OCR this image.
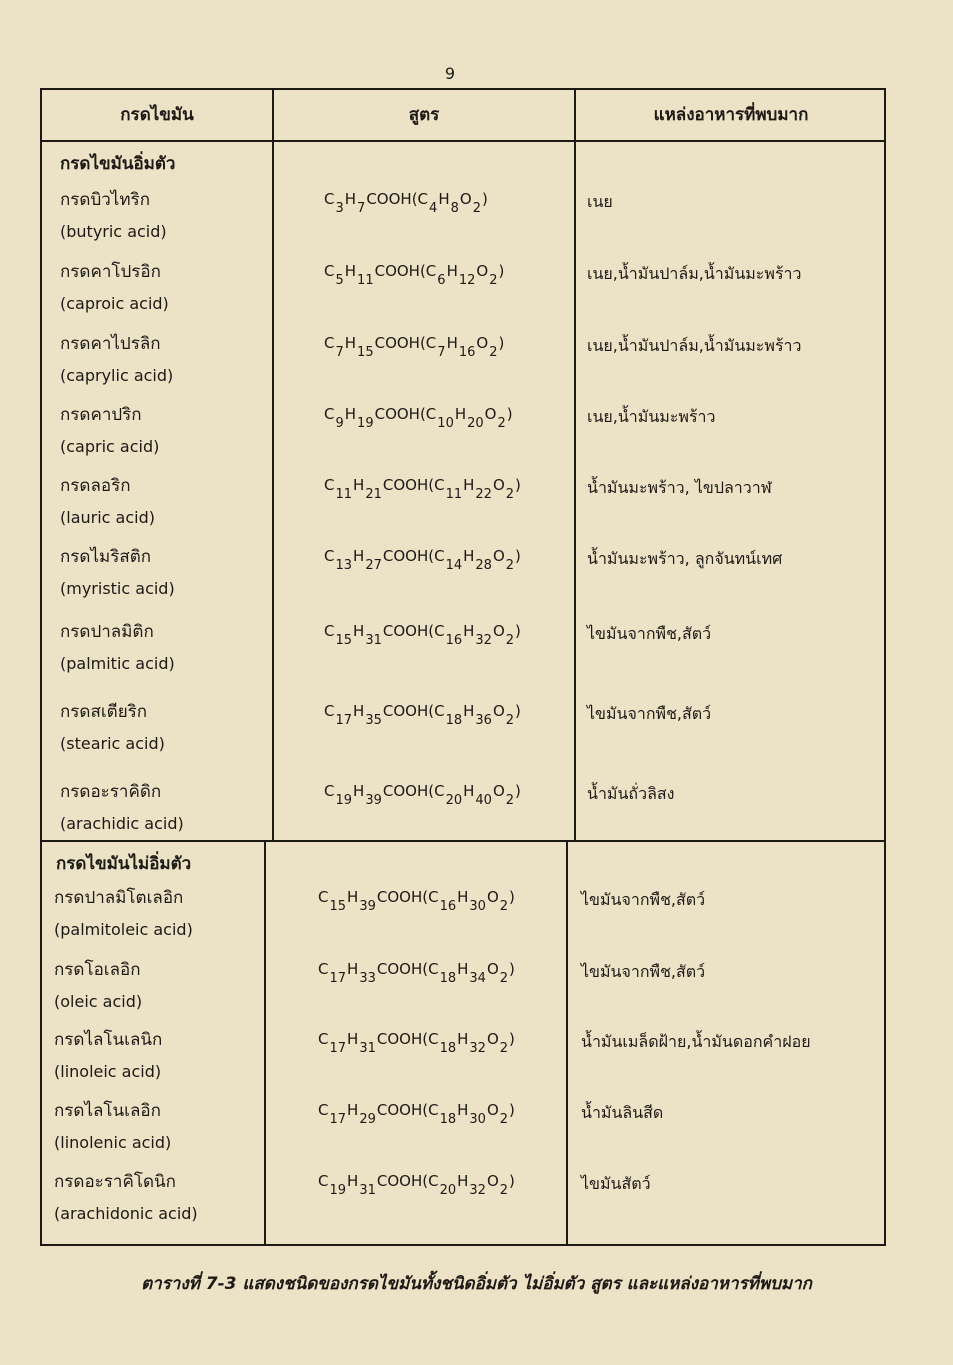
9
กรดไขมัน	สูตร	แหล่งอาหารที่พบมาก
กรดไขมันอิ่มตัว
กรดบิวไทริก
(butyric acid)
$C_3H_7COOH(C_4H_8O_2)$	เนย
กรดคาโปรอิก
(caproic acid)
$C_5H_{11}COOH(C_6H_{12}O_2)$	เนย,น้ำมันปาล์ม,น้ำมันมะพร้าว
กรดคาไปรลิก
(caprylic acid)
$C_7H_{15}COOH(C_7H_{16}O_2)$	เนย,น้ำมันปาล์ม,น้ำมันมะพร้าว
กรดคาปริก
(capric acid)
$C_9H_{19}COOH(C_{10}H_{20}O_2)$	เนย,น้ำมันมะพร้าว
กรดลอริก
(lauric acid)
$C_{11}H_{21}COOH(C_{11}H_{22}O_2)$	น้ำมันมะพร้าว, ไขปลาวาฬ
กรดไมริสติก
(myristic acid)
$C_{13}H_{27}COOH(C_{14}H_{28}O_2)$	น้ำมันมะพร้าว, ลูกจันทน์เทศ
กรดปาลมิติก
(palmitic acid)
$C_{15}H_{31}COOH(C_{16}H_{32}O_2)$	ไขมันจากพืช,สัตว์
กรดสเตียริก
(stearic acid)
$C_{17}H_{35}COOH(C_{18}H_{36}O_2)$	ไขมันจากพืช,สัตว์
กรดอะราคิดิก
(arachidic acid)
$C_{19}H_{39}COOH(C_{20}H_{40}O_2)$	น้ำมันถั่วลิสง
กรดไขมันไม่อิ่มตัว
กรดปาลมิโตเลอิก
(palmitoleic acid)
$C_{15}H_{39}COOH(C_{16}H_{30}O_2)$	ไขมันจากพืช,สัตว์
กรดโอเลอิก
(oleic acid)
$C_{17}H_{33}COOH(C_{18}H_{34}O_2)$	ไขมันจากพืช,สัตว์
กรดไลโนเลนิก
(linoleic acid)
$C_{17}H_{31}COOH(C_{18}H_{32}O_2)$	น้ำมันเมล็ดฝ้าย,น้ำมันดอกคำฝอย
กรดไลโนเลอิก
(linolenic acid)
$C_{17}H_{29}COOH(C_{18}H_{30}O_2)$	น้ำมันลินสีด
กรดอะราคิโดนิก
(arachidonic acid)
$C_{19}H_{31}COOH(C_{20}H_{32}O_2)$	ไขมันสัตว์
ตารางที่ 7-3 แสดงชนิดของกรดไขมันทั้งชนิดอิ่มตัว ไม่อิ่มตัว สูตร และแหล่งอาหารที่พบมาก
